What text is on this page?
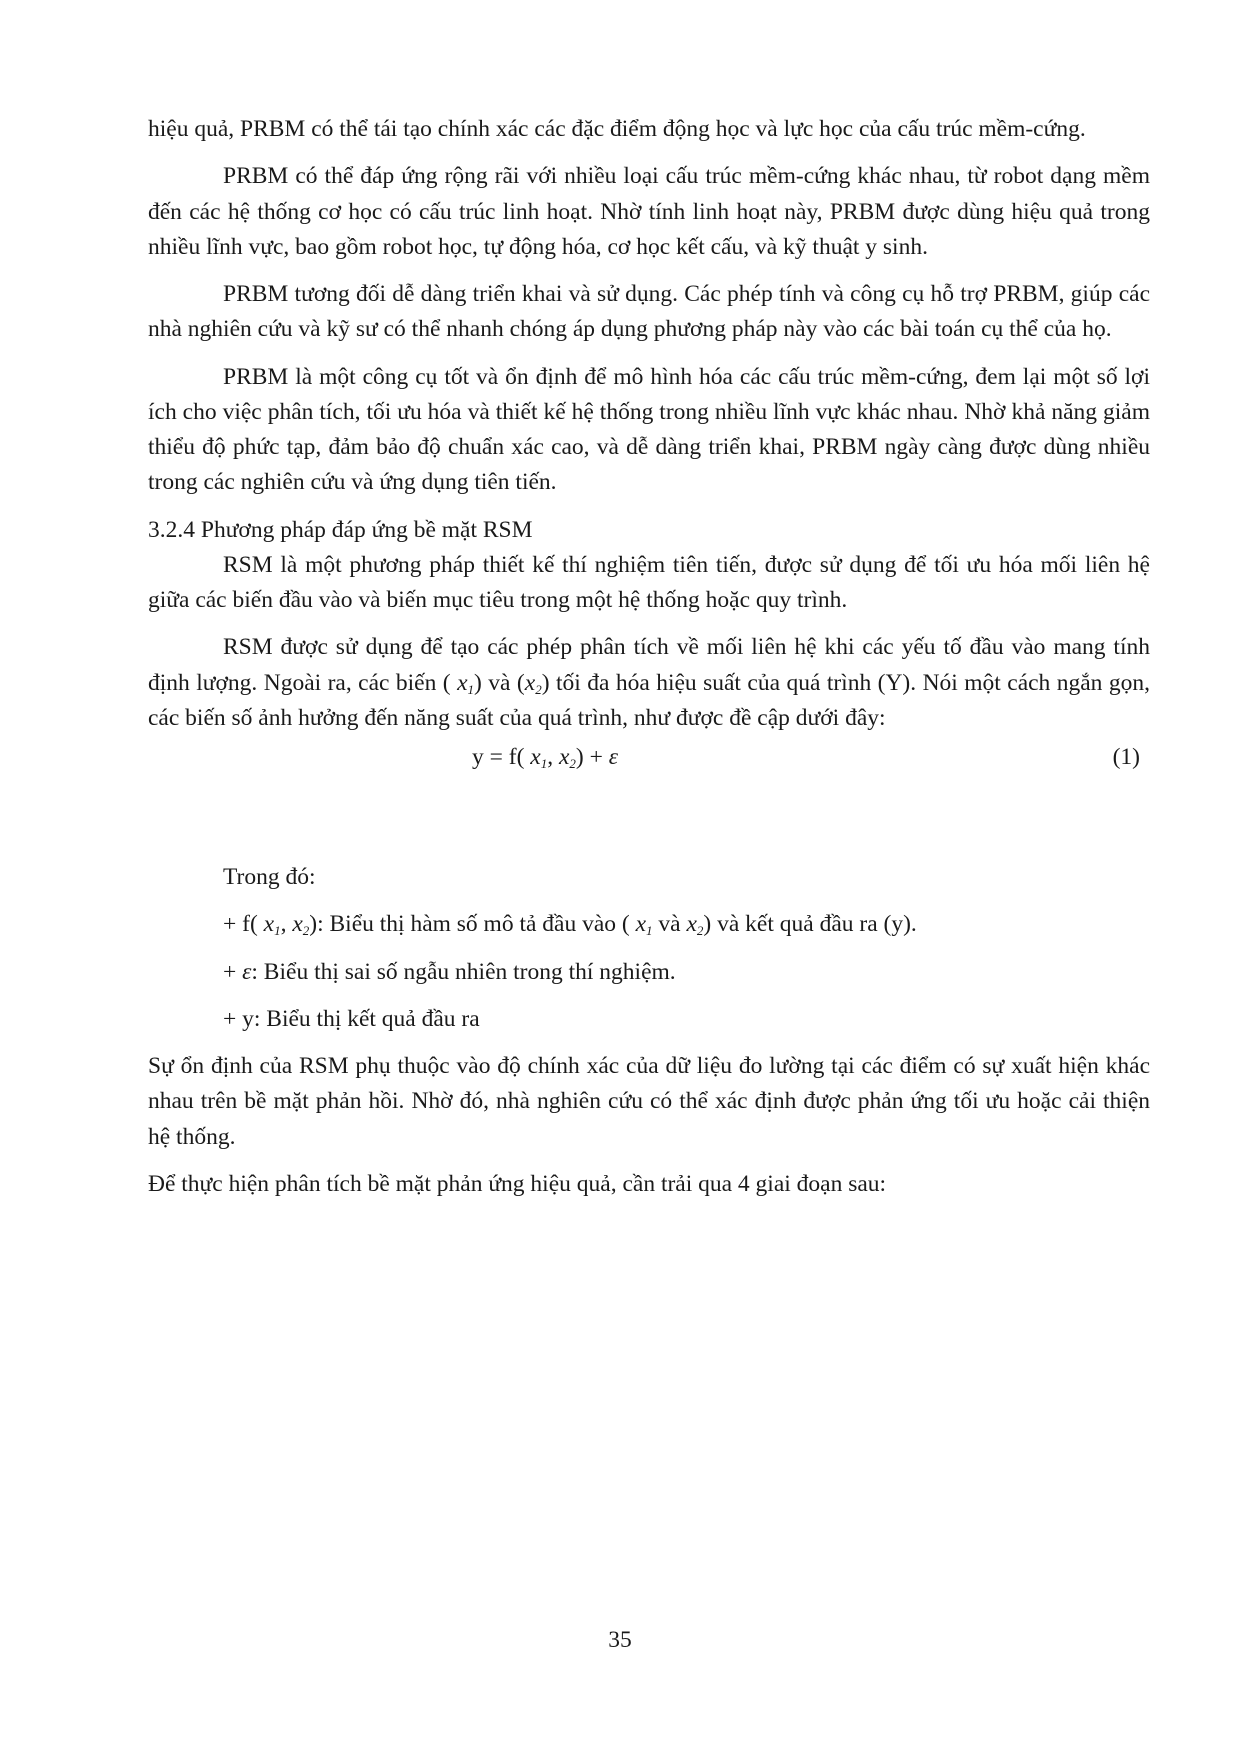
hiệu quả, PRBM có thể tái tạo chính xác các đặc điểm động học và lực học của cấu trúc mềm-cứng.

PRBM có thể đáp ứng rộng rãi với nhiều loại cấu trúc mềm-cứng khác nhau, từ robot dạng mềm đến các hệ thống cơ học có cấu trúc linh hoạt. Nhờ tính linh hoạt này, PRBM được dùng hiệu quả trong nhiều lĩnh vực, bao gồm robot học, tự động hóa, cơ học kết cấu, và kỹ thuật y sinh.

PRBM tương đối dễ dàng triển khai và sử dụng. Các phép tính và công cụ hỗ trợ PRBM, giúp các nhà nghiên cứu và kỹ sư có thể nhanh chóng áp dụng phương pháp này vào các bài toán cụ thể của họ.

PRBM là một công cụ tốt và ổn định để mô hình hóa các cấu trúc mềm-cứng, đem lại một số lợi ích cho việc phân tích, tối ưu hóa và thiết kế hệ thống trong nhiều lĩnh vực khác nhau. Nhờ khả năng giảm thiểu độ phức tạp, đảm bảo độ chuẩn xác cao, và dễ dàng triển khai, PRBM ngày càng được dùng nhiều trong các nghiên cứu và ứng dụng tiên tiến.

3.2.4 Phương pháp đáp ứng bề mặt RSM

RSM là một phương pháp thiết kế thí nghiệm tiên tiến, được sử dụng để tối ưu hóa mối liên hệ giữa các biến đầu vào và biến mục tiêu trong một hệ thống hoặc quy trình.

RSM được sử dụng để tạo các phép phân tích về mối liên hệ khi các yếu tố đầu vào mang tính định lượng. Ngoài ra, các biến ( $x_1$) và $(x_2)$ tối đa hóa hiệu suất của quá trình (Y). Nói một cách ngắn gọn, các biến số ảnh hưởng đến năng suất của quá trình, như được đề cập dưới đây:

y = f( $x_1$, $x_2) + \varepsilon$	(1)

Trong đó:

+ f( $x_1$, $x_2$): Biểu thị hàm số mô tả đầu vào ( $x_1$ và $x_2$) và kết quả đầu ra (y).

+ ε: Biểu thị sai số ngẫu nhiên trong thí nghiệm.

+ y: Biểu thị kết quả đầu ra

Sự ổn định của RSM phụ thuộc vào độ chính xác của dữ liệu đo lường tại các điểm có sự xuất hiện khác nhau trên bề mặt phản hồi. Nhờ đó, nhà nghiên cứu có thể xác định được phản ứng tối ưu hoặc cải thiện hệ thống.

Để thực hiện phân tích bề mặt phản ứng hiệu quả, cần trải qua 4 giai đoạn sau:

35
